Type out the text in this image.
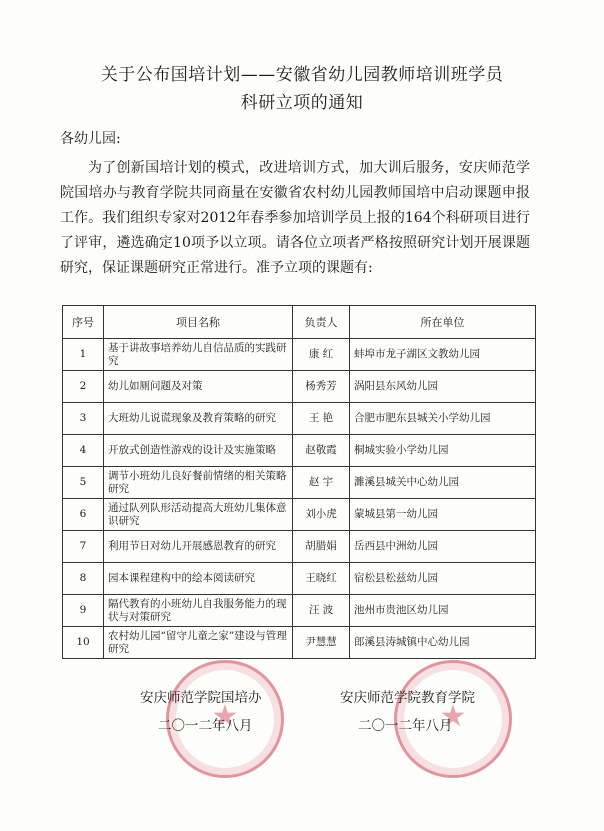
关于公布国培计划——安徽省幼儿园教师培训班学员
科研立项的通知
各幼儿园:
为了创新国培计划的模式，改进培训方式，加大训后服务，安庆师范学院国培办与教育学院共同商量在安徽省农村幼儿园教师国培中启动课题申报工作。我们组织专家对2012年春季参加培训学员上报的164个科研项目进行了评审，遴选确定10项予以立项。请各位立项者严格按照研究计划开展课题研究，保证课题研究正常进行。准予立项的课题有:
序号	项目名称	负责人	所在单位
1	基于讲故事培养幼儿自信品质的实践研究	康 红	蚌埠市龙子湖区文教幼儿园
2	幼儿如厕问题及对策	杨秀芳	涡阳县东风幼儿园
3	大班幼儿说谎现象及教育策略的研究	王 艳	合肥市肥东县城关小学幼儿园
4	开放式创造性游戏的设计及实施策略	赵敬霞	桐城实验小学幼儿园
5	调节小班幼儿良好餐前情绪的相关策略研究	赵 宇	濉溪县城关中心幼儿园
6	通过队列队形活动提高大班幼儿集体意识研究	刘小虎	蒙城县第一幼儿园
7	利用节日对幼儿开展感恩教育的研究	胡腊娟	岳西县中洲幼儿园
8	园本课程建构中的绘本阅读研究	王晓红	宿松县松兹幼儿园
9	隔代教育的小班幼儿自我服务能力的现状与对策研究	汪 波	池州市贵池区幼儿园
10	农村幼儿园“留守儿童之家”建设与管理研究	尹慧慧	郎溪县涛城镇中心幼儿园
★
★
安庆师范学院国培办
二〇一二年八月
安庆师范学院教育学院
二〇一二年八月
